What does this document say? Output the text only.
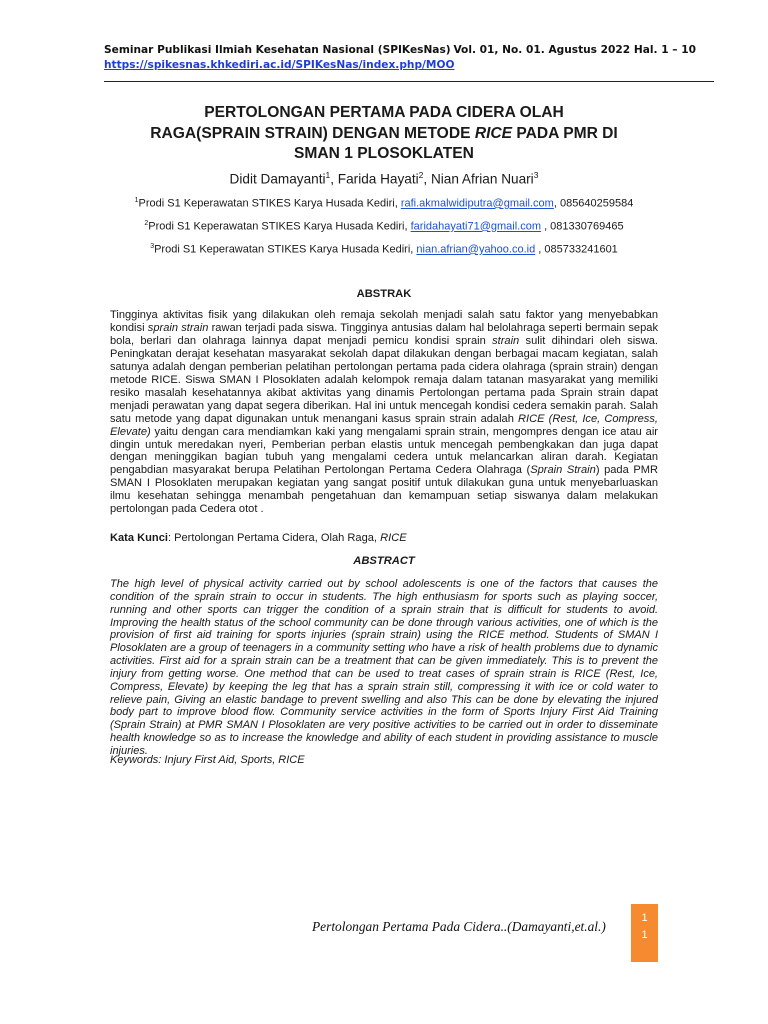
Seminar Publikasi Ilmiah Kesehatan Nasional (SPIKesNas)
https://spikesnas.khkediri.ac.id/SPIKesNas/index.php/MOO
Vol. 01, No. 01. Agustus 2022 Hal. 1 – 10
PERTOLONGAN PERTAMA PADA CIDERA OLAH
RAGA(SPRAIN STRAIN) DENGAN METODE RICE PADA PMR DI
SMAN 1 PLOSOKLATEN
Didit Damayanti$^1$, Farida Hayati$^2$, Nian Afrian Nuari$^3$
$^1$Prodi S1 Keperawatan STIKES Karya Husada Kediri, rafi.akmalwidiputra@gmail.com, 085640259584
$^2$Prodi S1 Keperawatan STIKES Karya Husada Kediri, faridahayati71@gmail.com , 081330769465
$^3$Prodi S1 Keperawatan STIKES Karya Husada Kediri, nian.afrian@yahoo.co.id , 085733241601
ABSTRAK
Tingginya aktivitas fisik yang dilakukan oleh remaja sekolah menjadi salah satu faktor yang menyebabkan kondisi sprain strain rawan terjadi pada siswa. Tingginya antusias dalam hal belolahraga seperti bermain sepak bola, berlari dan olahraga lainnya dapat menjadi pemicu kondisi sprain strain sulit dihindari oleh siswa. Peningkatan derajat kesehatan masyarakat sekolah dapat dilakukan dengan berbagai macam kegiatan, salah satunya adalah dengan pemberian pelatihan pertolongan pertama pada cidera olahraga (sprain strain) dengan metode RICE. Siswa SMAN I Plosoklaten adalah kelompok remaja dalam tatanan masyarakat yang memiliki resiko masalah kesehatannya akibat aktivitas yang dinamis Pertolongan pertama pada Sprain strain dapat menjadi perawatan yang dapat segera diberikan. Hal ini untuk mencegah kondisi cedera semakin parah. Salah satu metode yang dapat digunakan untuk menangani kasus sprain strain adalah RICE (Rest, Ice, Compress, Elevate) yaitu dengan cara mendiamkan kaki yang mengalami sprain strain, mengompres dengan ice atau air dingin untuk meredakan nyeri, Pemberian perban elastis untuk mencegah pembengkakan dan juga dapat dengan meninggikan bagian tubuh yang mengalami cedera untuk melancarkan aliran darah. Kegiatan pengabdian masyarakat berupa Pelatihan Pertolongan Pertama Cedera Olahraga (Sprain Strain) pada PMR SMAN I Plosoklaten merupakan kegiatan yang sangat positif untuk dilakukan guna untuk menyebarluaskan ilmu kesehatan sehingga menambah pengetahuan dan kemampuan setiap siswanya dalam melakukan pertolongan pada Cedera otot .
Kata Kunci: Pertolongan Pertama Cidera, Olah Raga, RICE
ABSTRACT
The high level of physical activity carried out by school adolescents is one of the factors that causes the condition of the sprain strain to occur in students. The high enthusiasm for sports such as playing soccer, running and other sports can trigger the condition of a sprain strain that is difficult for students to avoid. Improving the health status of the school community can be done through various activities, one of which is the provision of first aid training for sports injuries (sprain strain) using the RICE method. Students of SMAN I Plosoklaten are a group of teenagers in a community setting who have a risk of health problems due to dynamic activities. First aid for a sprain strain can be a treatment that can be given immediately. This is to prevent the injury from getting worse. One method that can be used to treat cases of sprain strain is RICE (Rest, Ice, Compress, Elevate) by keeping the leg that has a sprain strain still, compressing it with ice or cold water to relieve pain, Giving an elastic bandage to prevent swelling and also This can be done by elevating the injured body part to improve blood flow. Community service activities in the form of Sports Injury First Aid Training (Sprain Strain) at PMR SMAN I Plosoklaten are very positive activities to be carried out in order to disseminate health knowledge so as to increase the knowledge and ability of each student in providing assistance to muscle injuries.
Keywords: Injury First Aid, Sports, RICE
Pertolongan Pertama Pada Cidera..(Damayanti,et.al.)
1
1
